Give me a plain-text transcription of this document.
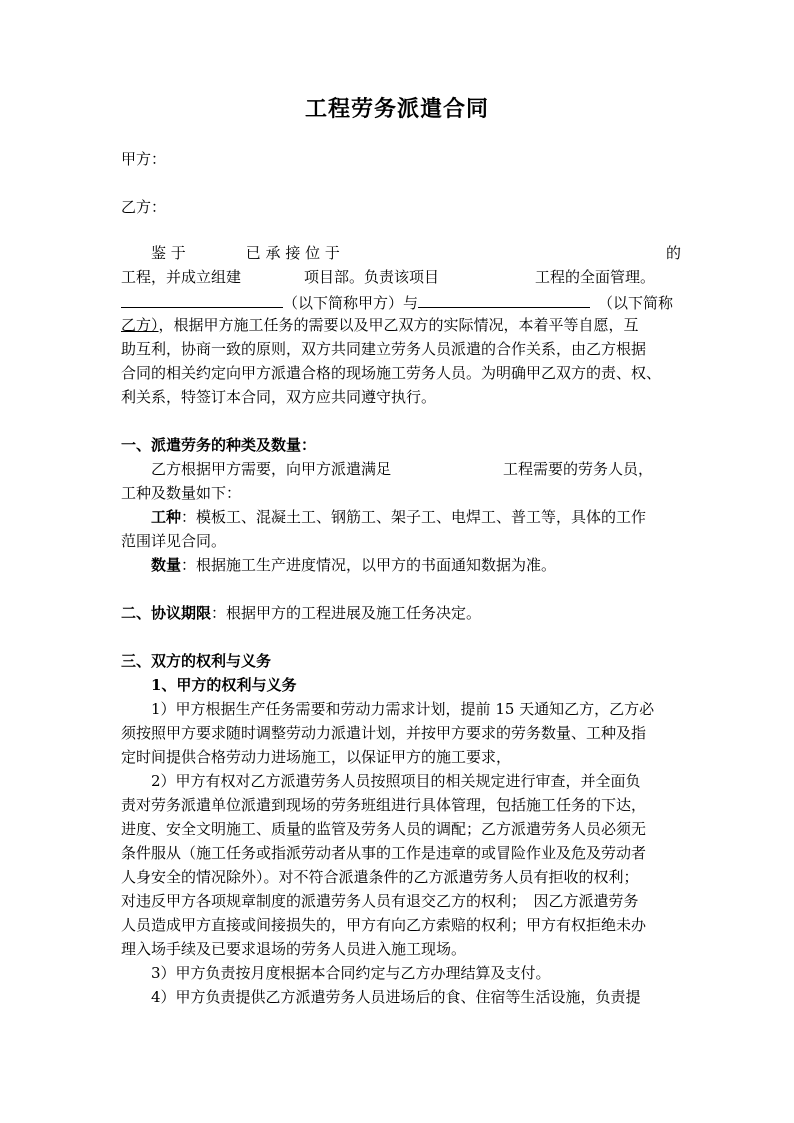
工程劳务派遣合同
甲方：
乙方：
鉴 于	已 承 接 位 于	的
工程，并成立组建	项目部。负责该项目	工程的全面管理。
（以下简称甲方）与	（以下简称
乙方），根据甲方施工任务的需要以及甲乙双方的实际情况，本着平等自愿，互
助互利，协商一致的原则，双方共同建立劳务人员派遣的合作关系，由乙方根据
合同的相关约定向甲方派遣合格的现场施工劳务人员。为明确甲乙双方的责、权、
利关系，特签订本合同，双方应共同遵守执行。
一、派遣劳务的种类及数量：
乙方根据甲方需要，向甲方派遣满足	工程需要的劳务人员，
工种及数量如下：
工种：模板工、混凝土工、钢筋工、架子工、电焊工、普工等，具体的工作
范围详见合同。
数量：根据施工生产进度情况，以甲方的书面通知数据为准。
二、协议期限：根据甲方的工程进展及施工任务决定。
三、双方的权利与义务
1、甲方的权利与义务
1）甲方根据生产任务需要和劳动力需求计划，提前 15 天通知乙方，乙方必
须按照甲方要求随时调整劳动力派遣计划，并按甲方要求的劳务数量、工种及指
定时间提供合格劳动力进场施工，以保证甲方的施工要求，
2）甲方有权对乙方派遣劳务人员按照项目的相关规定进行审查，并全面负
责对劳务派遣单位派遣到现场的劳务班组进行具体管理，包括施工任务的下达，
进度、安全文明施工、质量的监管及劳务人员的调配；乙方派遣劳务人员必须无
条件服从（施工任务或指派劳动者从事的工作是违章的或冒险作业及危及劳动者
人身安全的情况除外）。对不符合派遣条件的乙方派遣劳务人员有拒收的权利；
对违反甲方各项规章制度的派遣劳务人员有退交乙方的权利；　因乙方派遣劳务
人员造成甲方直接或间接损失的，甲方有向乙方索赔的权利；甲方有权拒绝未办
理入场手续及已要求退场的劳务人员进入施工现场。
3）甲方负责按月度根据本合同约定与乙方办理结算及支付。
4）甲方负责提供乙方派遣劳务人员进场后的食、住宿等生活设施，负责提
